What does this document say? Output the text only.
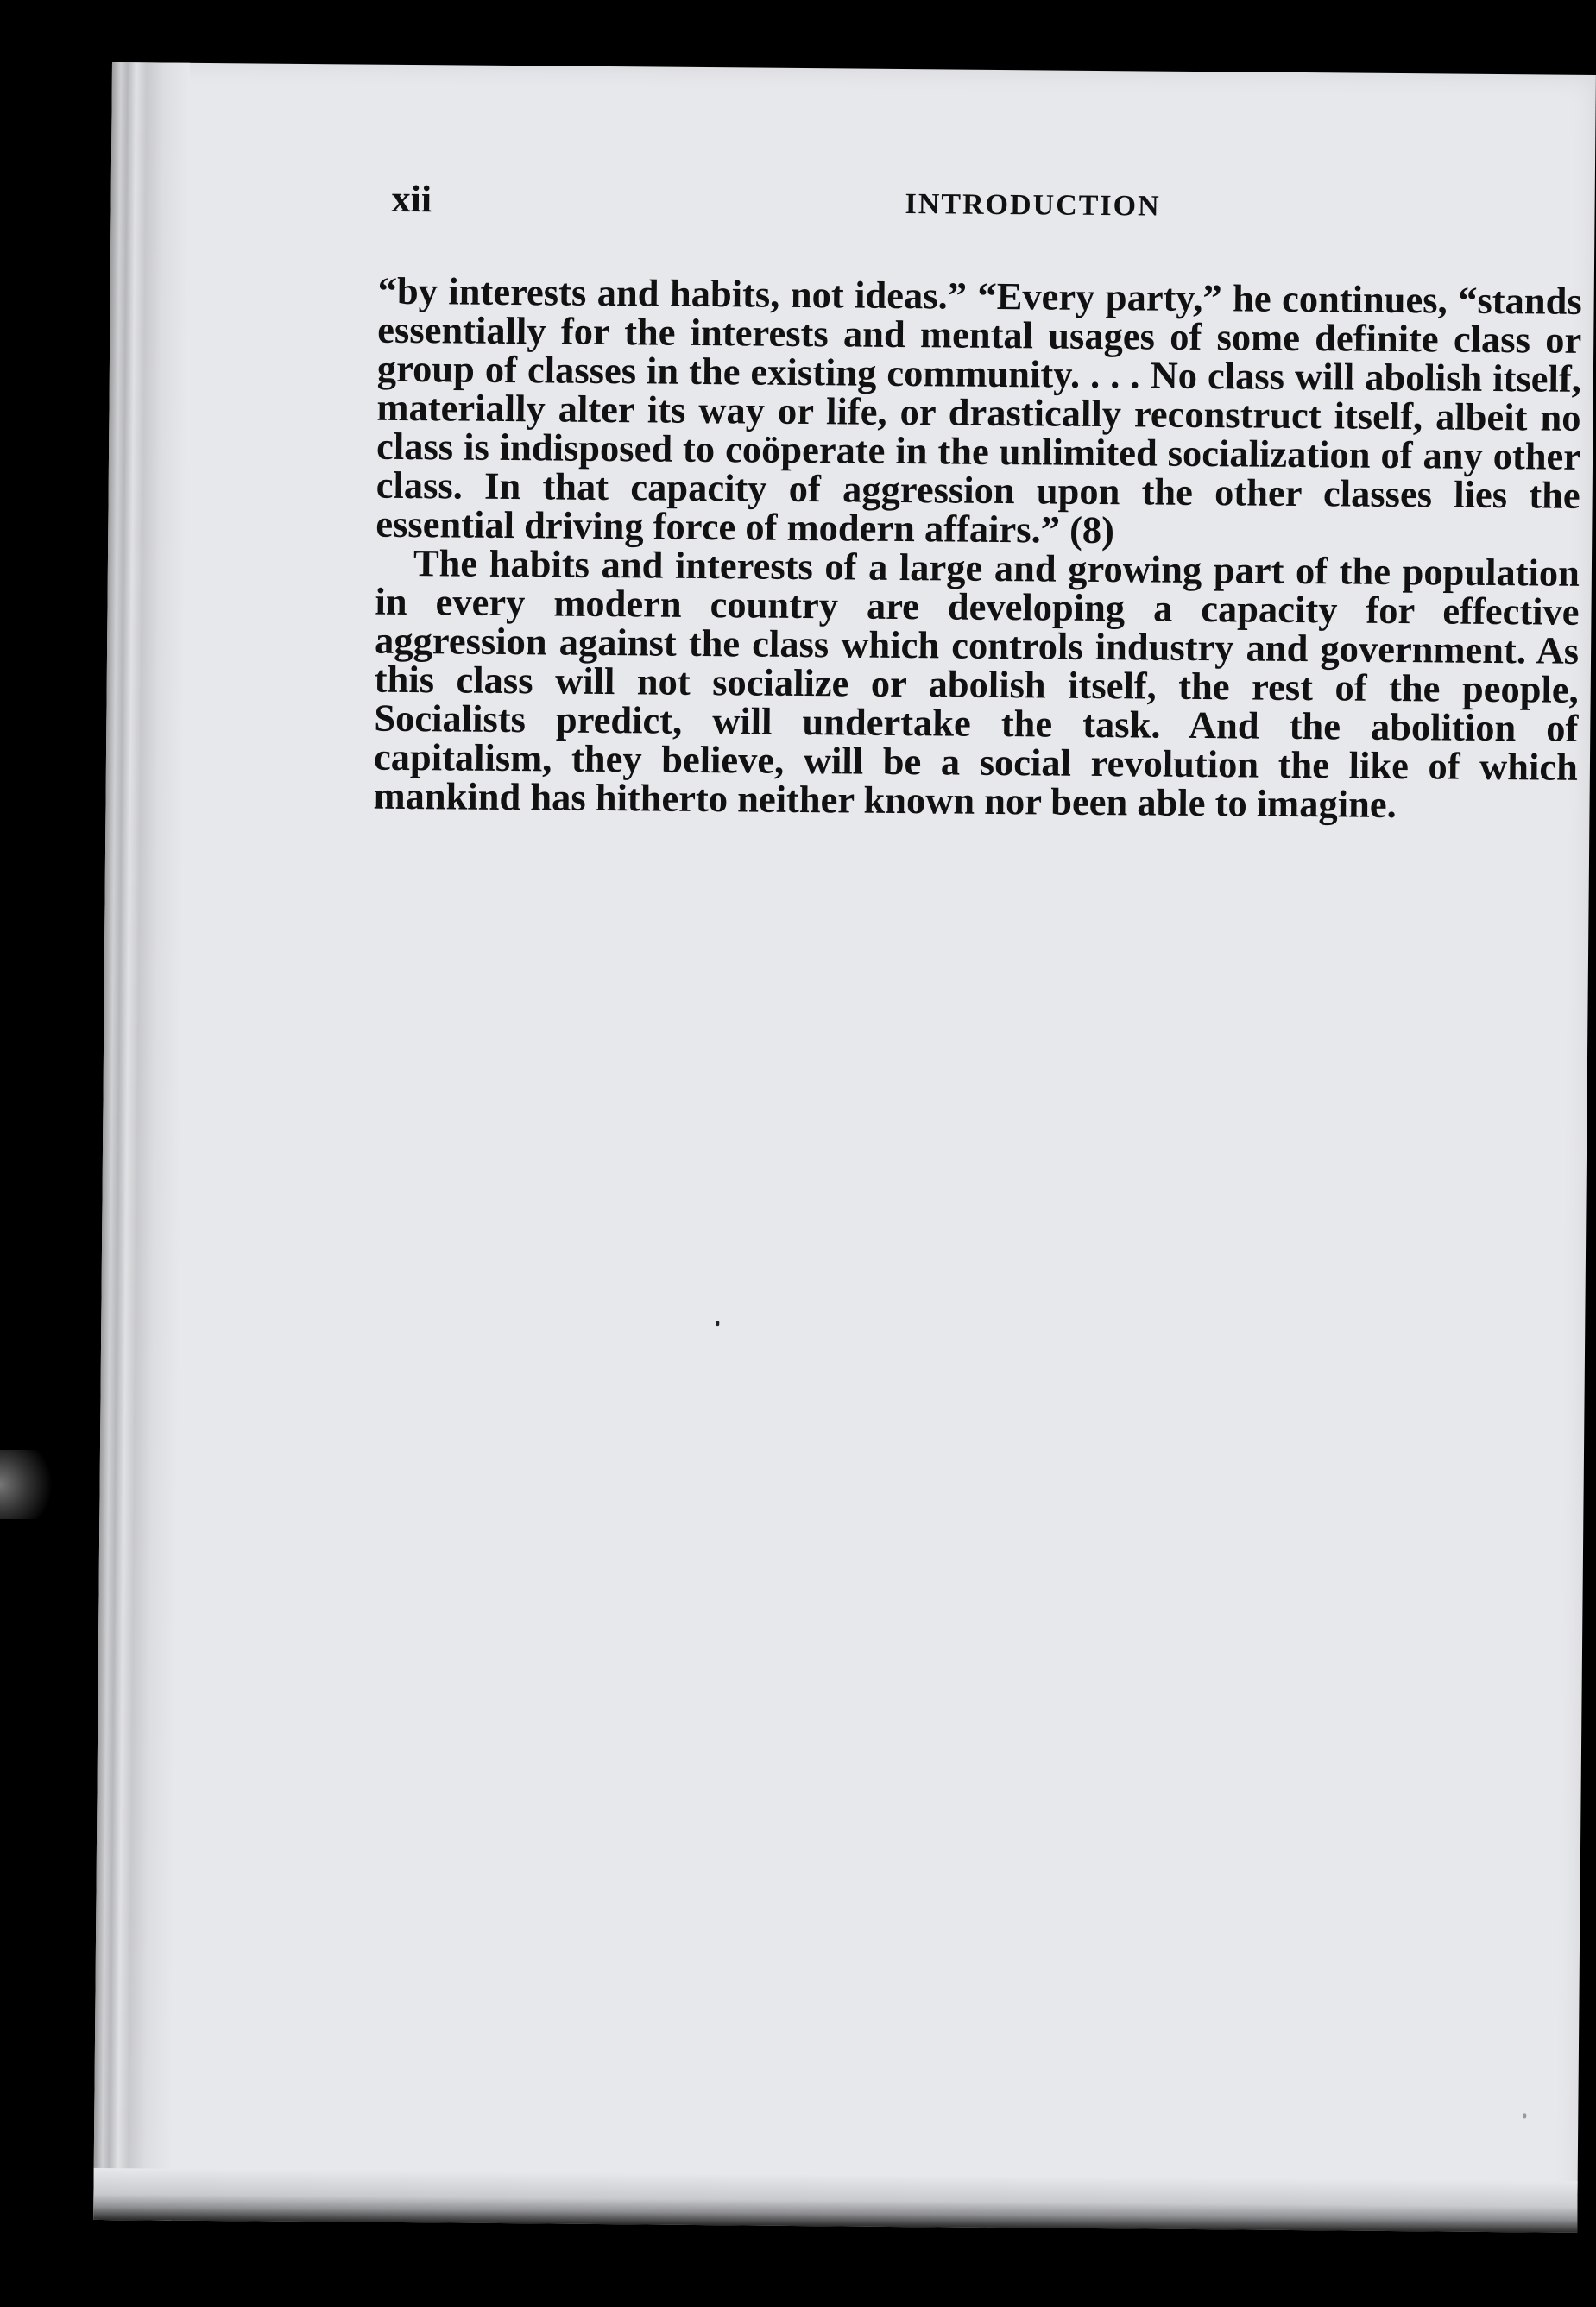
xii	INTRODUCTION

“by interests and habits, not ideas.” “Every party,” he continues, “stands essentially for the interests and mental usages of some definite class or group of classes in the existing community. . . . No class will abolish itself, materially alter its way or life, or drastically reconstruct itself, albeit no class is indisposed to coöperate in the unlimited socialization of any other class. In that capacity of aggression upon the other classes lies the essential driving force of modern affairs.” (8)

The habits and interests of a large and growing part of the population in every modern country are developing a capacity for effective aggression against the class which controls industry and government. As this class will not socialize or abolish itself, the rest of the people, Socialists predict, will undertake the task. And the abolition of capitalism, they believe, will be a social revolution the like of which mankind has hitherto neither known nor been able to imagine.
